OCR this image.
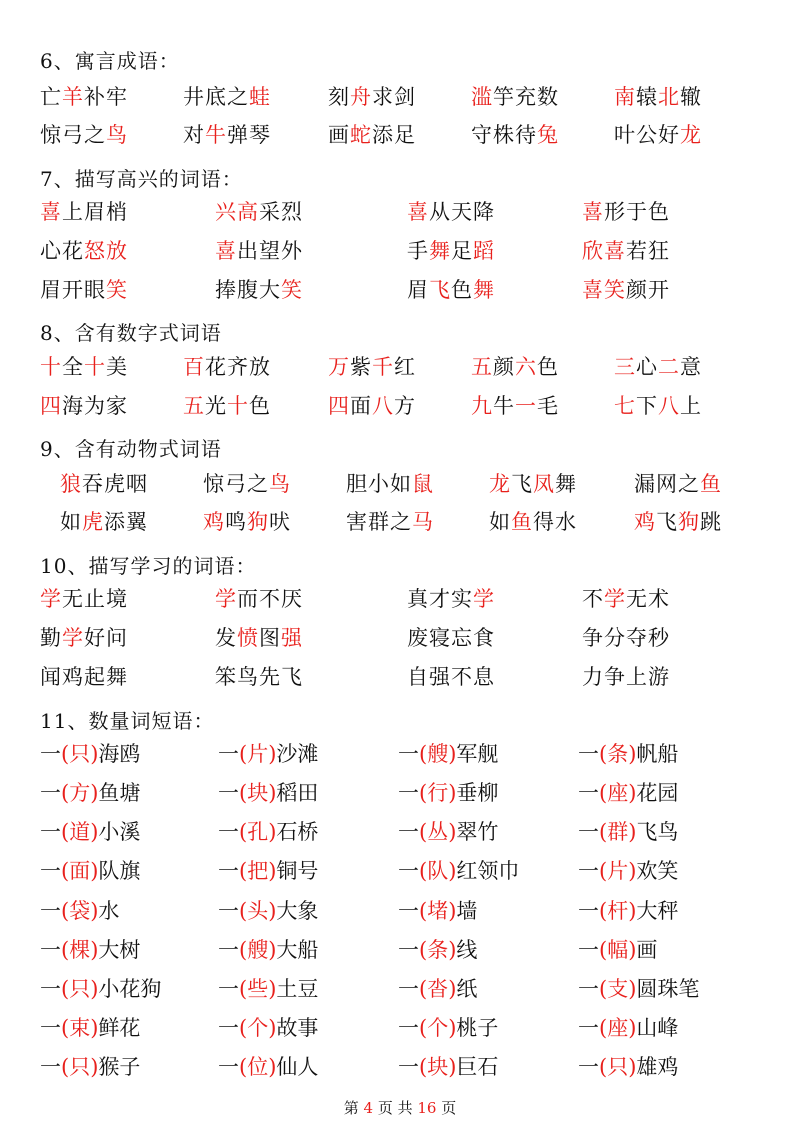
6、寓言成语：
亡羊补牢	井底之蛙	刻舟求剑	滥竽充数	南辕北辙
惊弓之鸟	对牛弹琴	画蛇添足	守株待兔	叶公好龙
7、描写高兴的词语：
喜上眉梢	兴高采烈	喜从天降	喜形于色
心花怒放	喜出望外	手舞足蹈	欣喜若狂
眉开眼笑	捧腹大笑	眉飞色舞	喜笑颜开
8、含有数字式词语
十全十美	百花齐放	万紫千红	五颜六色	三心二意
四海为家	五光十色	四面八方	九牛一毛	七下八上
9、含有动物式词语
狼吞虎咽	惊弓之鸟	胆小如鼠	龙飞凤舞	漏网之鱼
如虎添翼	鸡鸣狗吠	害群之马	如鱼得水	鸡飞狗跳
10、描写学习的词语：
学无止境	学而不厌	真才实学	不学无术
勤学好问	发愤图强	废寝忘食	争分夺秒
闻鸡起舞	笨鸟先飞	自强不息	力争上游
11、数量词短语：
一(只)海鸥	一(片)沙滩	一(艘)军舰	一(条)帆船
一(方)鱼塘	一(块)稻田	一(行)垂柳	一(座)花园
一(道)小溪	一(孔)石桥	一(丛)翠竹	一(群)飞鸟
一(面)队旗	一(把)铜号	一(队)红领巾	一(片)欢笑
一(袋)水	一(头)大象	一(堵)墙	一(杆)大秤
一(棵)大树	一(艘)大船	一(条)线	一(幅)画
一(只)小花狗	一(些)土豆	一(沓)纸	一(支)圆珠笔
一(束)鲜花	一(个)故事	一(个)桃子	一(座)山峰
一(只)猴子	一(位)仙人	一(块)巨石	一(只)雄鸡
第 4 页 共 16 页
